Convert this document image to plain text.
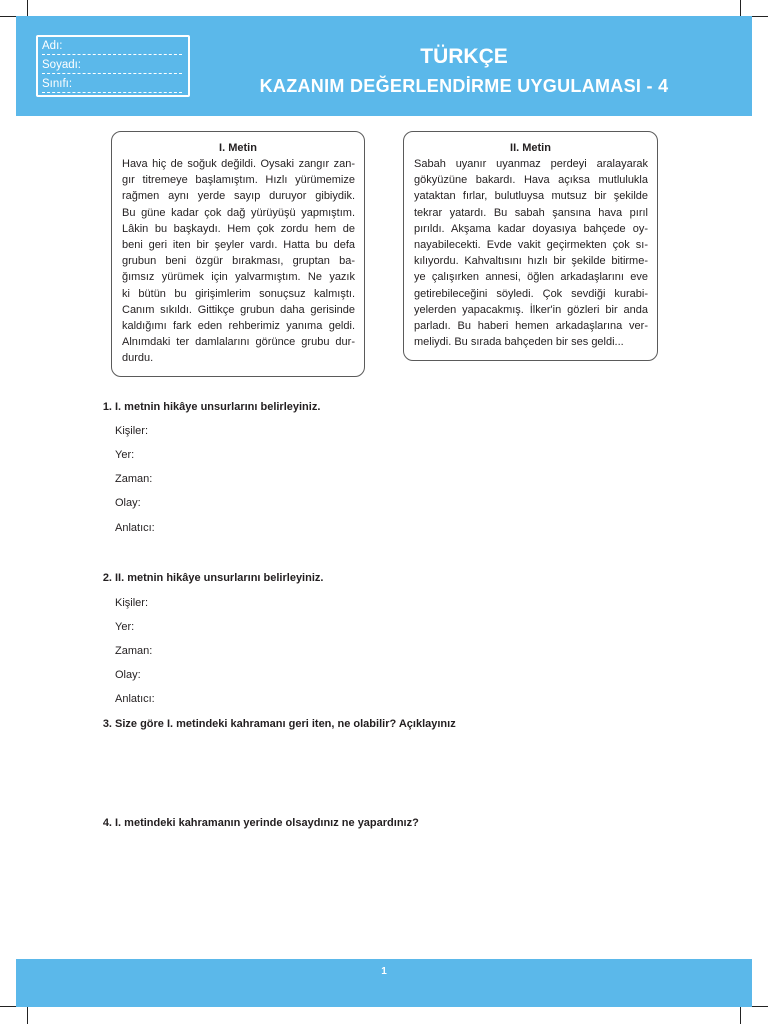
Adı:
Soyadı:
Sınıfı:
TÜRKÇE
KAZANIM DEĞERLENDİRME UYGULAMASI - 4
I. Metin
Hava hiç de soğuk değildi. Oysaki zangır zan-
gır titremeye başlamıştım. Hızlı yürümemize
rağmen aynı yerde sayıp duruyor gibiydik.
Bu güne kadar çok dağ yürüyüşü yapmıştım.
Lâkin bu başkaydı. Hem çok zordu hem de
beni geri iten bir şeyler vardı. Hatta bu defa
grubun beni özgür bırakması, gruptan ba-
ğımsız yürümek için yalvarmıştım. Ne yazık
ki bütün bu girişimlerim sonuçsuz kalmıştı.
Canım sıkıldı. Gittikçe grubun daha gerisinde
kaldığımı fark eden rehberimiz yanıma geldi.
Alnımdaki ter damlalarını görünce grubu dur-
durdu.
II. Metin
Sabah uyanır uyanmaz perdeyi aralayarak
gökyüzüne bakardı. Hava açıksa mutlulukla
yataktan fırlar, bulutluysa mutsuz bir şekilde
tekrar yatardı. Bu sabah şansına hava pırıl
pırıldı. Akşama kadar doyasıya bahçede oy-
nayabilecekti. Evde vakit geçirmekten çok sı-
kılıyordu. Kahvaltısını hızlı bir şekilde bitirme-
ye çalışırken annesi, öğlen arkadaşlarını eve
getirebileceğini söyledi. Çok sevdiği kurabi-
yelerden yapacakmış. İlker'in gözleri bir anda
parladı. Bu haberi hemen arkadaşlarına ver-
meliydi. Bu sırada bahçeden bir ses geldi...
1. I. metnin hikâye unsurlarını belirleyiniz.
Kişiler:
Yer:
Zaman:
Olay:
Anlatıcı:
2. II. metnin hikâye unsurlarını belirleyiniz.
Kişiler:
Yer:
Zaman:
Olay:
Anlatıcı:
3. Size göre I. metindeki kahramanı geri iten, ne olabilir? Açıklayınız
4. I. metindeki kahramanın yerinde olsaydınız ne yapardınız?
1
